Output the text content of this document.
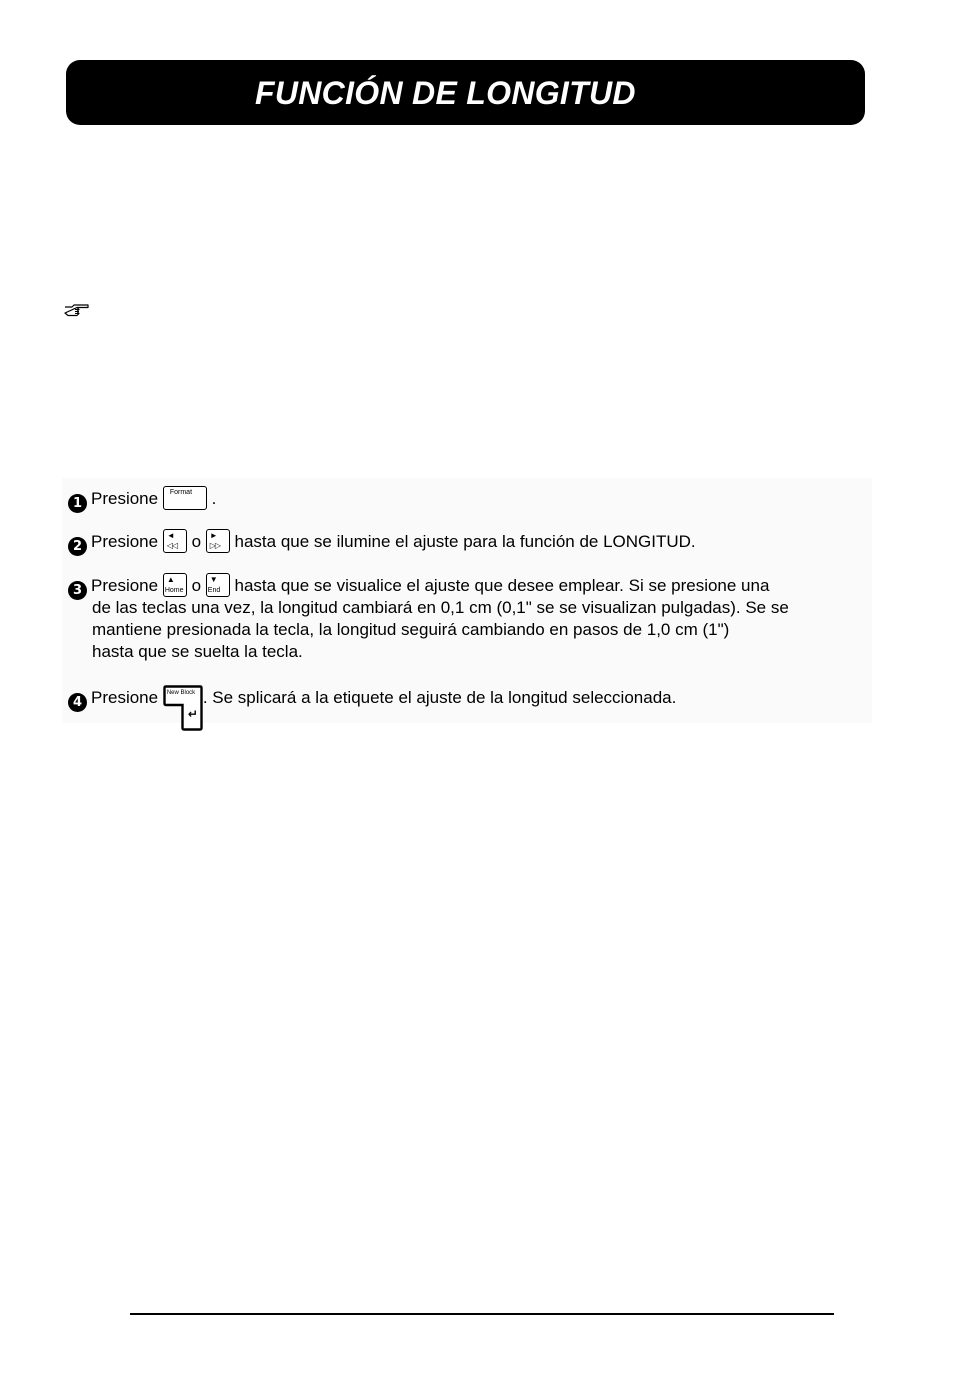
FUNCIÓN DE LONGITUD
1 Presione Format .
2 Presione ◄
◁◁ o ►
▷▷ hasta que se ilumine el ajuste para la función de LONGITUD.
3 Presione ▲
Home o ▼
End hasta que se visualice el ajuste que desee emplear. Si se presione una
de las teclas una vez, la longitud cambiará en 0,1 cm (0,1" se se visualizan pulgadas). Se se
mantiene presionada la tecla, la longitud seguirá cambiando en pasos de 1,0 cm (1")
hasta que se suelta la tecla.
4 Presione New Block
↵
. Se splicará a la etiquete el ajuste de la longitud seleccionada.
